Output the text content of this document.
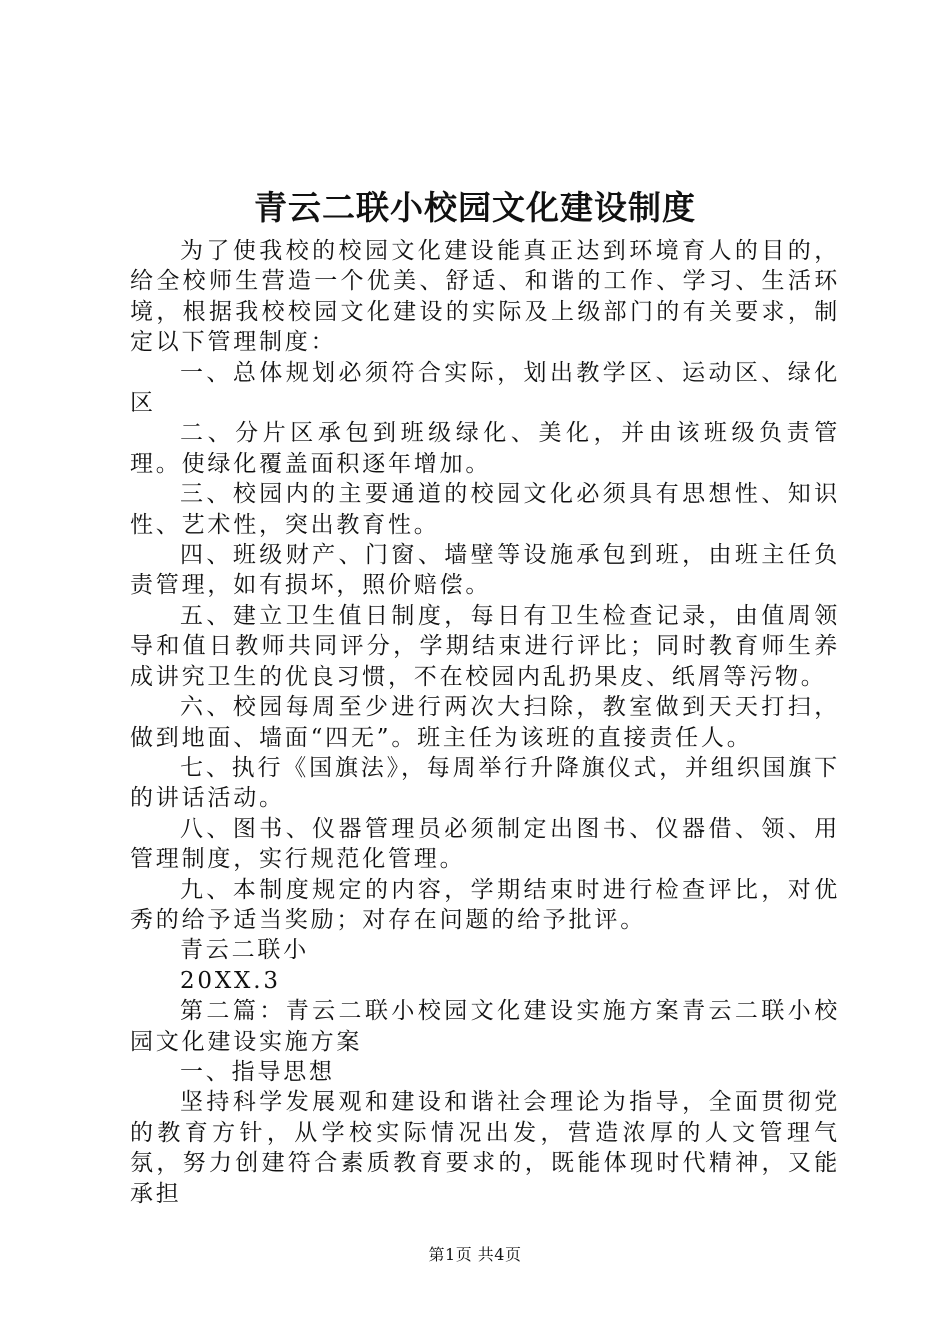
青云二联小校园文化建设制度

为了使我校的校园文化建设能真正达到环境育人的目的，给全校师生营造一个优美、舒适、和谐的工作、学习、生活环境，根据我校校园文化建设的实际及上级部门的有关要求，制定以下管理制度：

一、总体规划必须符合实际，划出教学区、运动区、绿化区

二、分片区承包到班级绿化、美化，并由该班级负责管理。使绿化覆盖面积逐年增加。

三、校园内的主要通道的校园文化必须具有思想性、知识性、艺术性，突出教育性。

四、班级财产、门窗、墙壁等设施承包到班，由班主任负责管理，如有损坏，照价赔偿。

五、建立卫生值日制度，每日有卫生检查记录，由值周领导和值日教师共同评分，学期结束进行评比；同时教育师生养成讲究卫生的优良习惯，不在校园内乱扔果皮、纸屑等污物。

六、校园每周至少进行两次大扫除，教室做到天天打扫，做到地面、墙面“四无”。班主任为该班的直接责任人。

七、执行《国旗法》，每周举行升降旗仪式，并组织国旗下的讲话活动。

八、图书、仪器管理员必须制定出图书、仪器借、领、用管理制度，实行规范化管理。

九、本制度规定的内容，学期结束时进行检查评比，对优秀的给予适当奖励；对存在问题的给予批评。

青云二联小

20XX.3

第二篇：青云二联小校园文化建设实施方案青云二联小校园文化建设实施方案

一、指导思想

坚持科学发展观和建设和谐社会理论为指导，全面贯彻党的教育方针，从学校实际情况出发，营造浓厚的人文管理气氛，努力创建符合素质教育要求的，既能体现时代精神，又能承担

第1页 共4页
